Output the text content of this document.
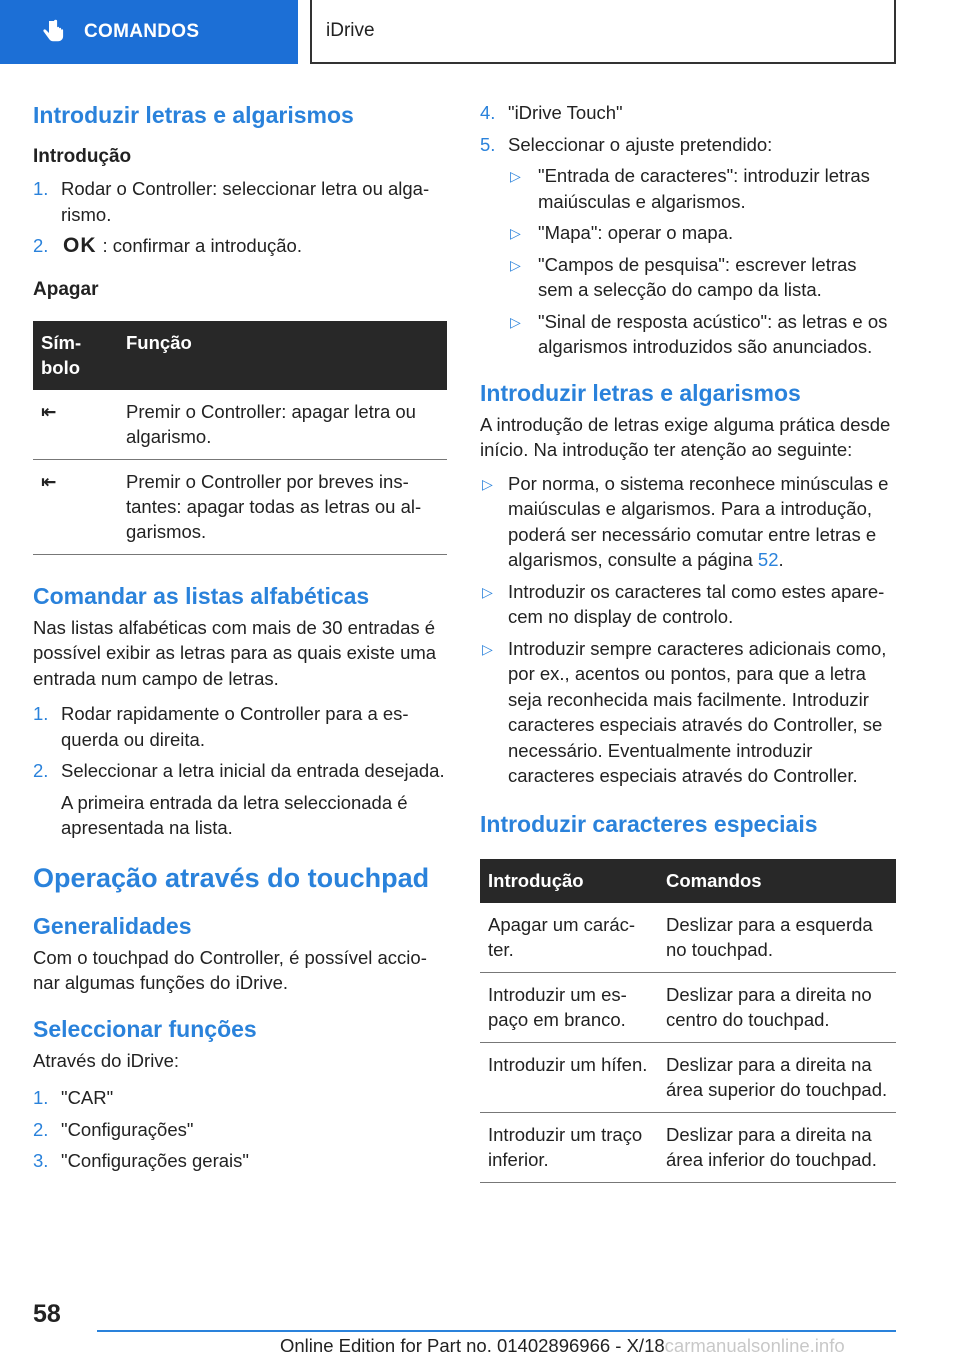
COMANDOS	iDrive
Introduzir letras e algarismos
Introdução
1. Rodar o Controller: seleccionar letra ou algarismo.
2. OK : confirmar a introdução.
Apagar
Símbolo	Função
⇤	Premir o Controller: apagar letra ou algarismo.
⇤	Premir o Controller por breves instantes: apagar todas as letras ou algarismos.
Comandar as listas alfabéticas

Nas listas alfabéticas com mais de 30 entradas é possível exibir as letras para as quais existe uma entrada num campo de letras.

1. Rodar rapidamente o Controller para a esquerda ou direita.
2. Seleccionar a letra inicial da entrada desejada.

A primeira entrada da letra seleccionada é apresentada na lista.

Operação através do touchpad
Generalidades

Com o touchpad do Controller, é possível accionar algumas funções do iDrive.

Seleccionar funções

Através do iDrive:

1. "CAR"
2. "Configurações"
3. "Configurações gerais"
4. "iDrive Touch"
5. Seleccionar o ajuste pretendido:
▷ "Entrada de caracteres": introduzir letras maiúsculas e algarismos.
▷ "Mapa": operar o mapa.
▷ "Campos de pesquisa": escrever letras sem a selecção do campo da lista.
▷ "Sinal de resposta acústico": as letras e os algarismos introduzidos são anunciados.
Introduzir letras e algarismos

A introdução de letras exige alguma prática desde início. Na introdução ter atenção ao seguinte:

▷ Por norma, o sistema reconhece minúsculas e maiúsculas e algarismos. Para a introdução, poderá ser necessário comutar entre letras e algarismos, consulte a página 52.
▷ Introduzir os caracteres tal como estes aparecem no display de controlo.
▷ Introduzir sempre caracteres adicionais como, por ex., acentos ou pontos, para que a letra seja reconhecida mais facilmente. Introduzir caracteres especiais através do Controller, se necessário. Eventualmente introduzir caracteres especiais através do Controller.
Introduzir caracteres especiais
Introdução	Comandos
Apagar um carácter.	Deslizar para a esquerda no touchpad.
Introduzir um espaço em branco.	Deslizar para a direita no centro do touchpad.
Introduzir um hífen.	Deslizar para a direita na área superior do touchpad.
Introduzir um traço inferior.	Deslizar para a direita na área inferior do touchpad.
58
Online Edition for Part no. 01402896966 - X/18carmanualsonline.info
